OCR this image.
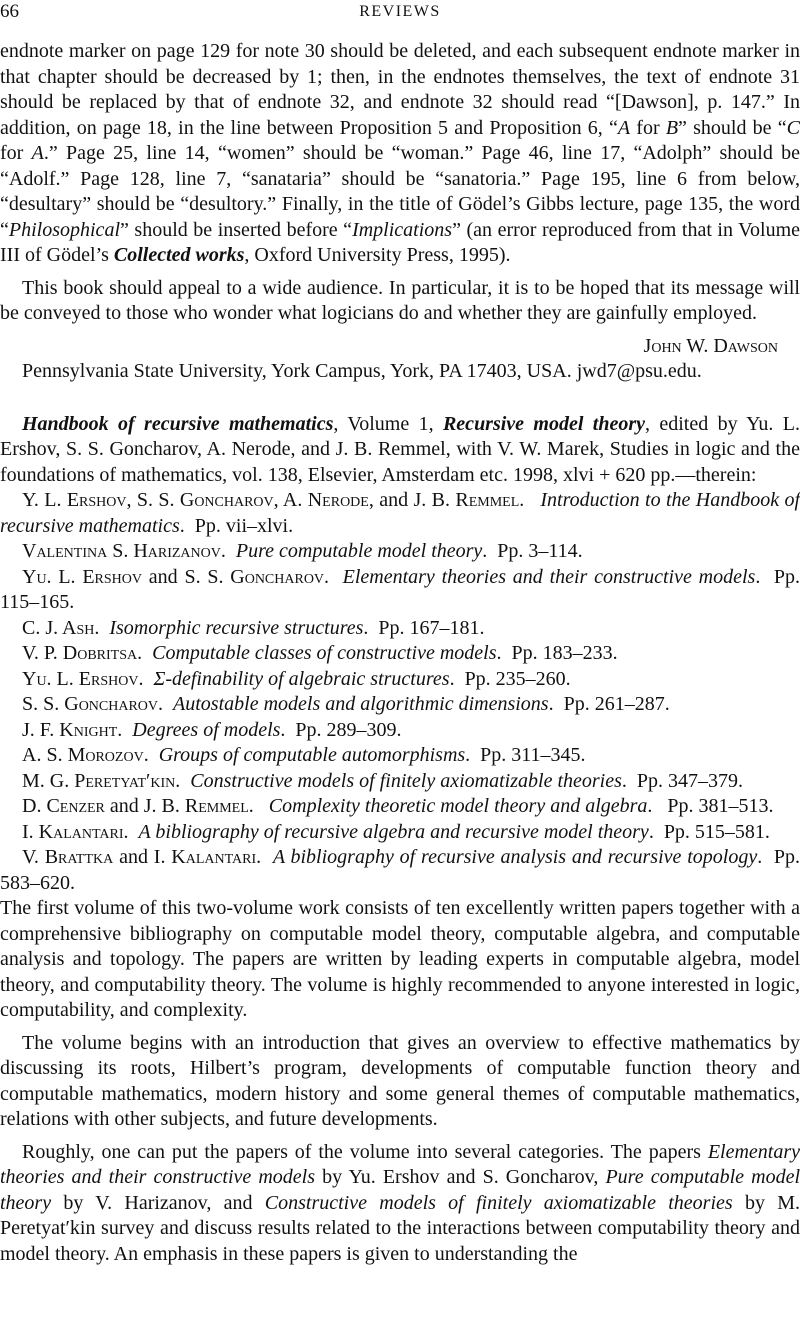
66	REVIEWS

endnote marker on page 129 for note 30 should be deleted, and each subsequent endnote marker in that chapter should be decreased by 1; then, in the endnotes themselves, the text of endnote 31 should be replaced by that of endnote 32, and endnote 32 should read “[Dawson], p. 147.” In addition, on page 18, in the line between Proposition 5 and Proposition 6, “A for B” should be “C for A.” Page 25, line 14, “women” should be “woman.” Page 46, line 17, “Adolph” should be “Adolf.” Page 128, line 7, “sanataria” should be “sanatoria.” Page 195, line 6 from below, “desultary” should be “desultory.” Finally, in the title of Gödel’s Gibbs lecture, page 135, the word “Philosophical” should be inserted before “Implications” (an error reproduced from that in Volume III of Gödel’s Collected works, Oxford University Press, 1995).

This book should appeal to a wide audience. In particular, it is to be hoped that its message will be conveyed to those who wonder what logicians do and whether they are gainfully employed.

John W. Dawson

Pennsylvania State University, York Campus, York, PA 17403, USA. jwd7@psu.edu.

Handbook of recursive mathematics, Volume 1, Recursive model theory, edited by Yu. L. Ershov, S. S. Goncharov, A. Nerode, and J. B. Remmel, with V. W. Marek, Studies in logic and the foundations of mathematics, vol. 138, Elsevier, Amsterdam etc. 1998, xlvi + 620 pp.—therein:

Y. L. Ershov, S. S. Goncharov, A. Nerode, and J. B. Remmel.   Introduction to the Handbook of recursive mathematics.  Pp. vii–xlvi.

Valentina S. Harizanov.  Pure computable model theory.  Pp. 3–114.

Yu. L. Ershov and S. S. Goncharov.  Elementary theories and their constructive models.  Pp. 115–165.

C. J. Ash.  Isomorphic recursive structures.  Pp. 167–181.

V. P. Dobritsa.  Computable classes of constructive models.  Pp. 183–233.

Yu. L. Ershov.  Σ-definability of algebraic structures.  Pp. 235–260.

S. S. Goncharov.  Autostable models and algorithmic dimensions.  Pp. 261–287.

J. F. Knight.  Degrees of models.  Pp. 289–309.

A. S. Morozov.  Groups of computable automorphisms.  Pp. 311–345.

M. G. Peretyat′kin.  Constructive models of finitely axiomatizable theories.  Pp. 347–379.

D. Cenzer and J. B. Remmel.   Complexity theoretic model theory and algebra.   Pp. 381–513.

I. Kalantari.  A bibliography of recursive algebra and recursive model theory.  Pp. 515–581.

V. Brattka and I. Kalantari.  A bibliography of recursive analysis and recursive topology.  Pp. 583–620.

The first volume of this two-volume work consists of ten excellently written papers together with a comprehensive bibliography on computable model theory, computable algebra, and computable analysis and topology. The papers are written by leading experts in computable algebra, model theory, and computability theory. The volume is highly recommended to anyone interested in logic, computability, and complexity.

The volume begins with an introduction that gives an overview to effective mathematics by discussing its roots, Hilbert’s program, developments of computable function theory and computable mathematics, modern history and some general themes of computable mathematics, relations with other subjects, and future developments.

Roughly, one can put the papers of the volume into several categories. The papers Elementary theories and their constructive models by Yu. Ershov and S. Goncharov, Pure computable model theory by V. Harizanov, and Constructive models of finitely axiomatizable theories by M. Peretyat′kin survey and discuss results related to the interactions between computability theory and model theory. An emphasis in these papers is given to understanding the
